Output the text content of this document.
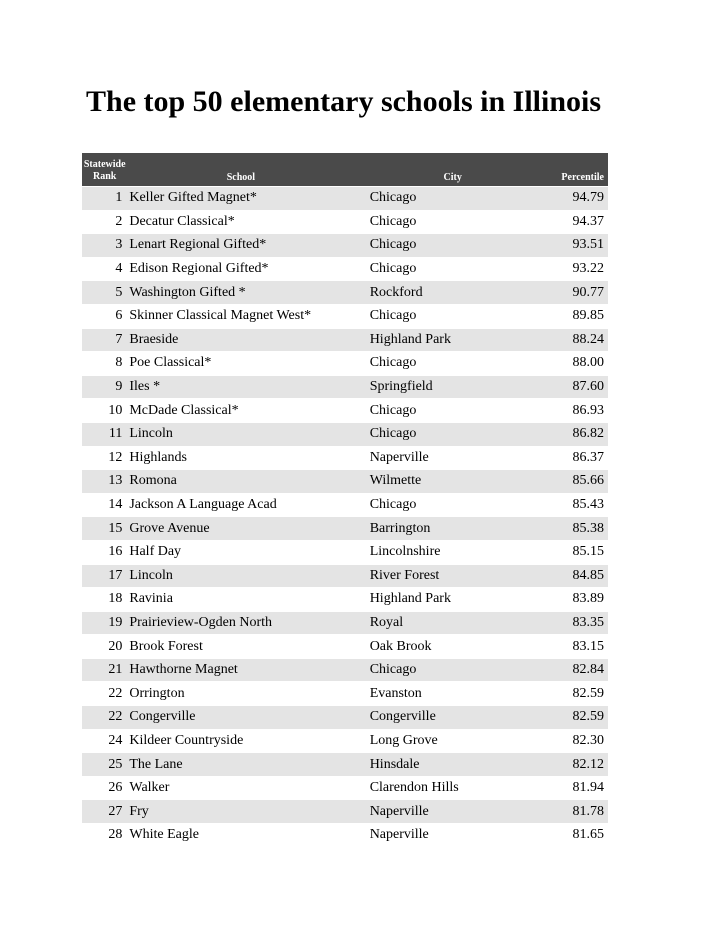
The top 50 elementary schools in Illinois
Statewide
Rank	School	City	Percentile
1 Keller Gifted Magnet*	Chicago	94.79
2 Decatur Classical*	Chicago	94.37
3 Lenart Regional Gifted*	Chicago	93.51
4 Edison Regional Gifted*	Chicago	93.22
5 Washington Gifted *	Rockford	90.77
6 Skinner Classical Magnet West*	Chicago	89.85
7 Braeside	Highland Park	88.24
8 Poe Classical*	Chicago	88.00
9 Iles *	Springfield	87.60
10 McDade Classical*	Chicago	86.93
11 Lincoln	Chicago	86.82
12 Highlands	Naperville	86.37
13 Romona	Wilmette	85.66
14 Jackson A Language Acad	Chicago	85.43
15 Grove Avenue	Barrington	85.38
16 Half Day	Lincolnshire	85.15
17 Lincoln	River Forest	84.85
18 Ravinia	Highland Park	83.89
19 Prairieview-Ogden North	Royal	83.35
20 Brook Forest	Oak Brook	83.15
21 Hawthorne Magnet	Chicago	82.84
22 Orrington	Evanston	82.59
22 Congerville	Congerville	82.59
24 Kildeer Countryside	Long Grove	82.30
25 The Lane	Hinsdale	82.12
26 Walker	Clarendon Hills	81.94
27 Fry	Naperville	81.78
28 White Eagle	Naperville	81.65
